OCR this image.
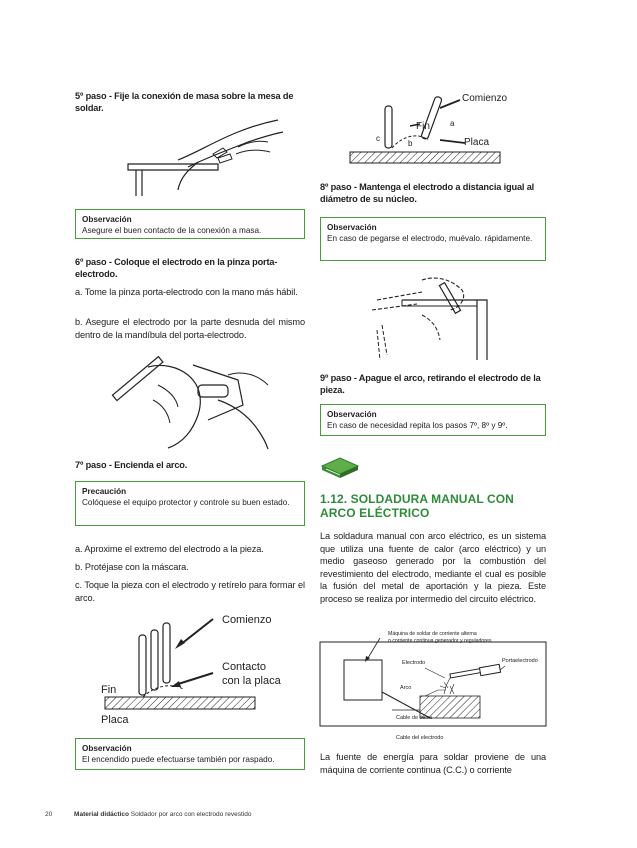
5º paso - Fije la conexión de masa sobre la mesa de soldar.
Observación
Asegure el buen contacto de la conexión a masa.
6º paso - Coloque el electrodo en la pinza porta-electrodo.
a. Tome la pinza porta-electrodo con la mano más hábil.
b. Asegure el electrodo por la parte desnuda del mismo dentro de la mandíbula del porta-electrodo.
7º paso - Encienda el arco.
Precaución
Colóquese el equipo protector y controle su buen estado.
a. Aproxime el extremo del electrodo a la pieza.
b. Protéjase con la máscara.
c. Toque la pieza con el electrodo y retírelo para formar el arco.
Comienzo
Contacto
con la placa
Fin
Placa
Observación
El encendido puede efectuarse también por raspado.
Comienzo
Fin	a
b
c	Placa
8º paso - Mantenga el electrodo a distancia igual al diámetro de su núcleo.
Observación
En caso de pegarse el electrodo, muévalo. rápidamente.
9º paso - Apague el arco, retirando el electrodo de la pieza.
Observación
En caso de necesidad repita los pasos 7º, 8º y 9º.
1.12. SOLDADURA MANUAL CON ARCO ELÉCTRICO
La soldadura manual con arco eléctrico, es un sistema que utiliza una fuente de calor (arco eléctrico) y un medio gaseoso generado por la combustión del revestimiento del electrodo, mediante el cual es posible la fusión del metal de aportación y la pieza. Este proceso se realiza por intermedio del circuito eléctrico.
Máquina de soldar de corriente alterna
o corriente continua generador y reguladores
Electrodo	Portaelectrodo
Arco
Cable de tierra
Cable del electrodo
La fuente de energía para soldar proviene de una máquina de corriente continua (C.C.) o corriente
20	Material didáctico Soldador por arco con electrodo revestido
